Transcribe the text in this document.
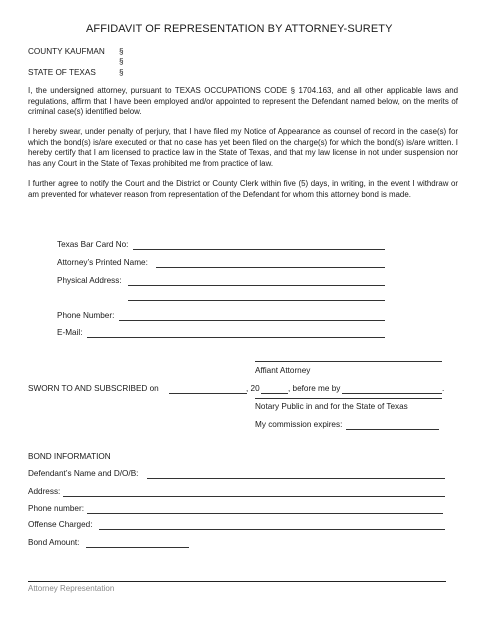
AFFIDAVIT OF REPRESENTATION BY ATTORNEY-SURETY
COUNTY KAUFMAN §
§
STATE OF TEXAS	§
I, the undersigned attorney, pursuant to TEXAS OCCUPATIONS CODE § 1704.163, and all other applicable laws and regulations, affirm that I have been employed and/or appointed to represent the Defendant named below, on the merits of criminal case(s) identified below.
I hereby swear, under penalty of perjury, that I have filed my Notice of Appearance as counsel of record in the case(s) for which the bond(s) is/are executed or that no case has yet been filed on the charge(s) for which the bond(s) is/are written. I hereby certify that I am licensed to practice law in the State of Texas, and that my law license in not under suspension nor has any Court in the State of Texas prohibited me from practice of law.
I further agree to notify the Court and the District or County Clerk within five (5) days, in writing, in the event I withdraw or am prevented for whatever reason from representation of the Defendant for whom this attorney bond is made.
Texas Bar Card No:
Attorney’s Printed Name:
Physical Address:
Phone Number:
E-Mail:
Affiant Attorney
SWORN TO AND SUBSCRIBED on	, 20	, before me by	.
Notary Public in and for the State of Texas
My commission expires:
BOND INFORMATION
Defendant’s Name and D/O/B:
Address:
Phone number:
Offense Charged:
Bond Amount:
Attorney Representation
